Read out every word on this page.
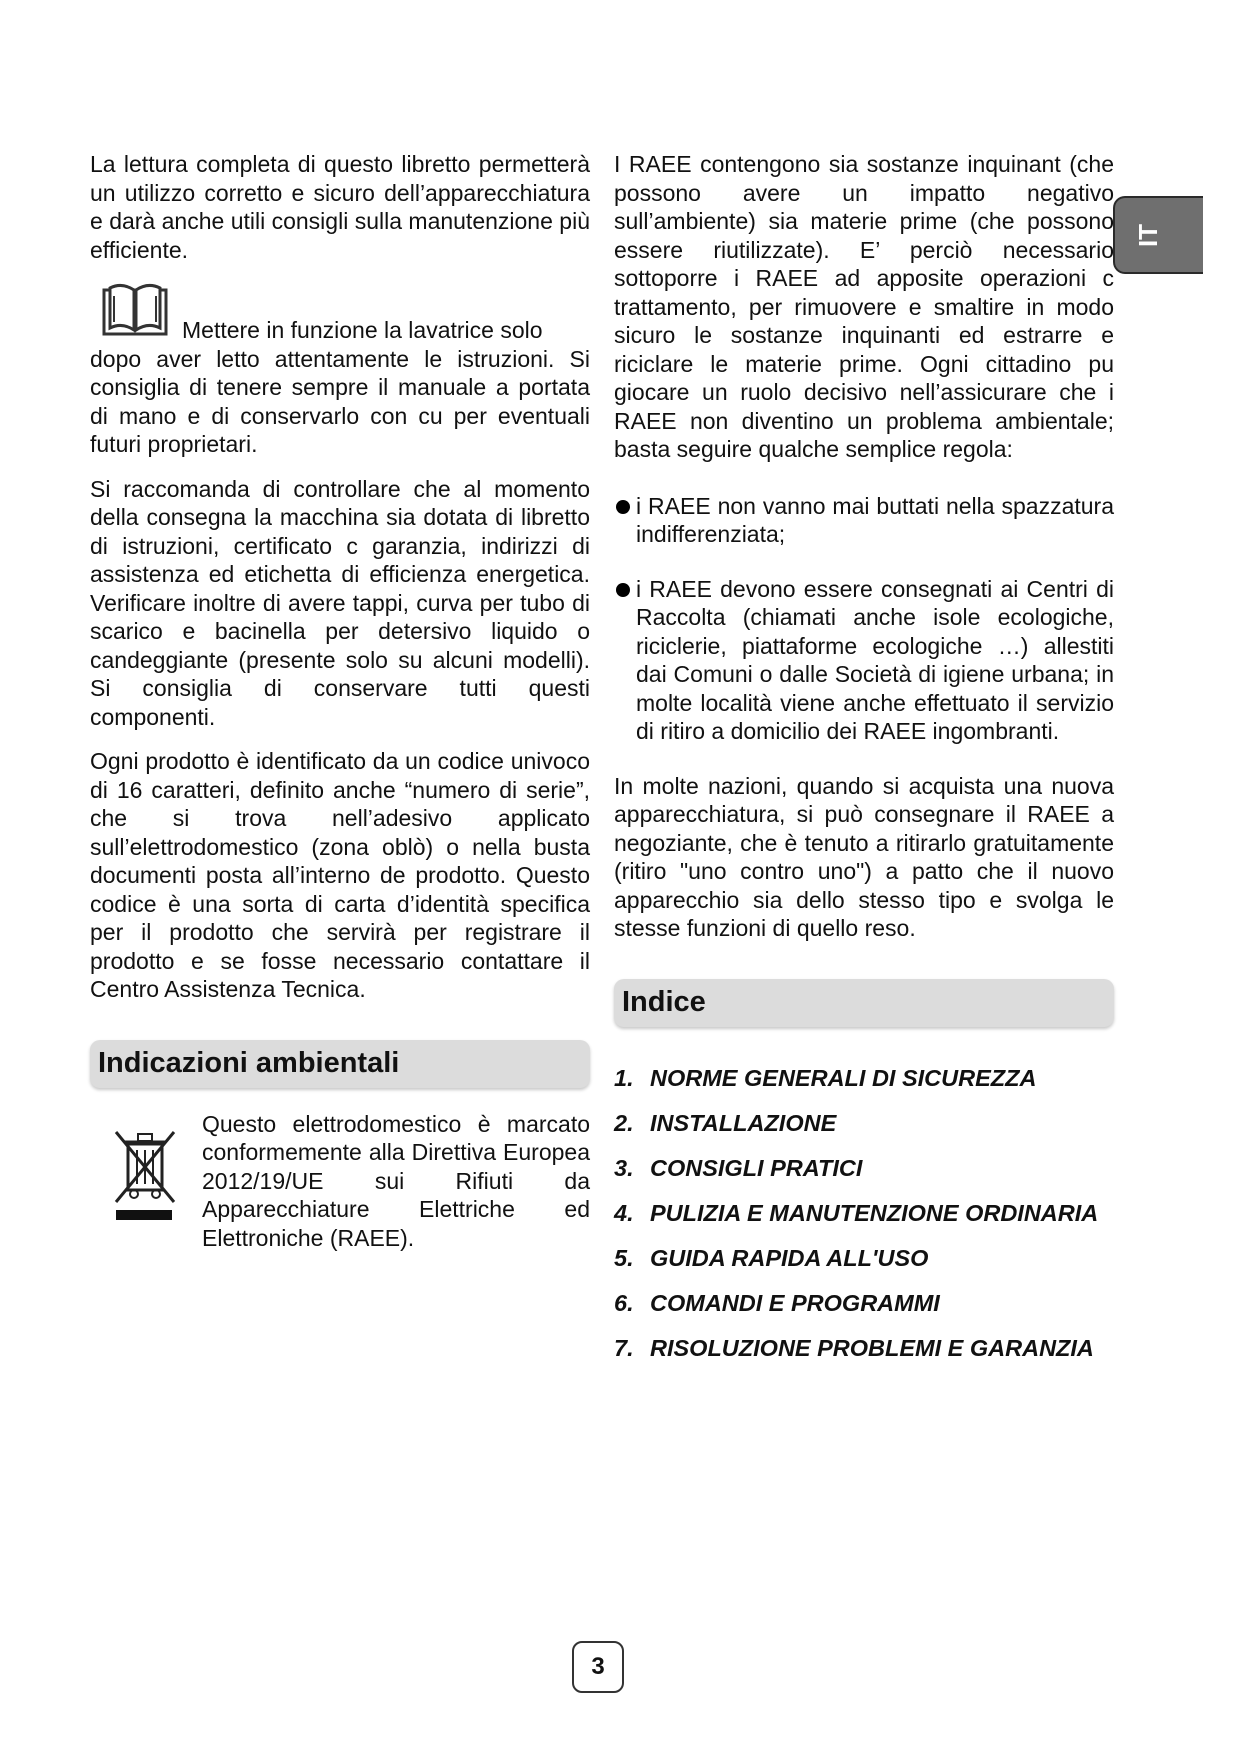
IT

La lettura completa di questo libretto permetterà un utilizzo corretto e sicuro dell’apparecchiatura e darà anche utili consigli sulla manutenzione più efficiente.

Mettere in funzione la lavatrice solo

dopo aver letto attentamente le istruzioni. Si consiglia di tenere sempre il manuale a portata di mano e di conservarlo con cu per eventuali futuri proprietari.

Si raccomanda di controllare che al momento della consegna la macchina sia dotata di libretto di istruzioni, certificato c garanzia, indirizzi di assistenza ed etichetta di efficienza energetica. Verificare inoltre di avere tappi, curva per tubo di scarico e bacinella per detersivo liquido o candeggiante (presente solo su alcuni modelli). Si consiglia di conservare tutti questi componenti.

Ogni prodotto è identificato da un codice univoco di 16 caratteri, definito anche “numero di serie”, che si trova nell’adesivo applicato sull’elettrodomestico (zona oblò) o nella busta documenti posta all’interno de prodotto. Questo codice è una sorta di carta d’identità specifica per il prodotto che servirà per registrare il prodotto e se fosse necessario contattare il Centro Assistenza Tecnica.

Indicazioni ambientali

Questo elettrodomestico è marcato conformemente alla Direttiva Europea 2012/19/UE sui Rifiuti da Apparecchiature Elettriche ed Elettroniche (RAEE).

I RAEE contengono sia sostanze inquinant (che possono avere un impatto negativo sull’ambiente) sia materie prime (che possono essere riutilizzate). E’ perciò necessario sottoporre i RAEE ad apposite operazioni c trattamento, per rimuovere e smaltire in modo sicuro le sostanze inquinanti ed estrarre e riciclare le materie prime. Ogni cittadino pu giocare un ruolo decisivo nell’assicurare che i RAEE non diventino un problema ambientale; basta seguire qualche semplice regola:

i RAEE non vanno mai buttati nella spazzatura indifferenziata;

i RAEE devono essere consegnati ai Centri di Raccolta (chiamati anche isole ecologiche, riciclerie, piattaforme ecologiche …) allestiti dai Comuni o dalle Società di igiene urbana; in molte località viene anche effettuato il servizio di ritiro a domicilio dei RAEE ingombranti.

In molte nazioni, quando si acquista una nuova apparecchiatura, si può consegnare il RAEE a negoziante, che è tenuto a ritirarlo gratuitamente (ritiro "uno contro uno") a patto che il nuovo apparecchio sia dello stesso tipo e svolga le stesse funzioni di quello reso.

Indice
1. NORME GENERALI DI SICUREZZA
2. INSTALLAZIONE
3. CONSIGLI PRATICI
4. PULIZIA E MANUTENZIONE ORDINARIA
5. GUIDA RAPIDA ALL'USO
6. COMANDI E PROGRAMMI
7. RISOLUZIONE PROBLEMI E GARANZIA
3
